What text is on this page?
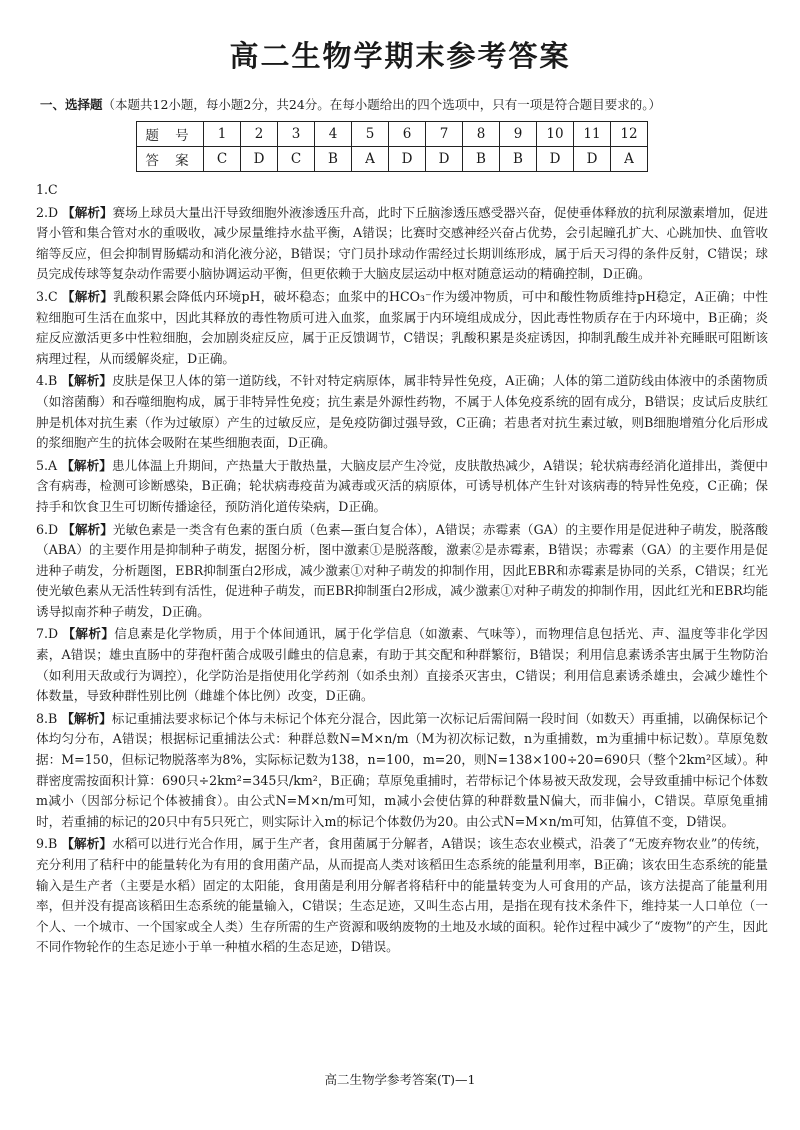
高二生物学期末参考答案
一、选择题（本题共12小题，每小题2分，共24分。在每小题给出的四个选项中，只有一项是符合题目要求的。）
题 号	1	2	3	4	5	6	7	8	9	10	11	12
答 案	C	D	C	B	A	D	D	B	B	D	D	A

1.C

2.D 【解析】赛场上球员大量出汗导致细胞外液渗透压升高，此时下丘脑渗透压感受器兴奋，促使垂体释放的抗利尿激素增加，促进肾小管和集合管对水的重吸收，减少尿量维持水盐平衡，A错误；比赛时交感神经兴奋占优势，会引起瞳孔扩大、心跳加快、血管收缩等反应，但会抑制胃肠蠕动和消化液分泌，B错误；守门员扑球动作需经过长期训练形成，属于后天习得的条件反射，C错误；球员完成传球等复杂动作需要小脑协调运动平衡，但更依赖于大脑皮层运动中枢对随意运动的精确控制，D正确。

3.C 【解析】乳酸积累会降低内环境pH，破坏稳态；血浆中的HCO₃⁻作为缓冲物质，可中和酸性物质维持pH稳定，A正确；中性粒细胞可生活在血浆中，因此其释放的毒性物质可进入血浆，血浆属于内环境组成成分，因此毒性物质存在于内环境中，B正确；炎症反应激活更多中性粒细胞，会加剧炎症反应，属于正反馈调节，C错误；乳酸积累是炎症诱因，抑制乳酸生成并补充睡眠可阻断该病理过程，从而缓解炎症，D正确。

4.B 【解析】皮肤是保卫人体的第一道防线，不针对特定病原体，属非特异性免疫，A正确；人体的第二道防线由体液中的杀菌物质（如溶菌酶）和吞噬细胞构成，属于非特异性免疫；抗生素是外源性药物，不属于人体免疫系统的固有成分，B错误；皮试后皮肤红肿是机体对抗生素（作为过敏原）产生的过敏反应，是免疫防御过强导致，C正确；若患者对抗生素过敏，则B细胞增殖分化后形成的浆细胞产生的抗体会吸附在某些细胞表面，D正确。

5.A 【解析】患儿体温上升期间，产热量大于散热量，大脑皮层产生冷觉，皮肤散热减少，A错误；轮状病毒经消化道排出，粪便中含有病毒，检测可诊断感染，B正确；轮状病毒疫苗为减毒或灭活的病原体，可诱导机体产生针对该病毒的特异性免疫，C正确；保持手和饮食卫生可切断传播途径，预防消化道传染病，D正确。

6.D 【解析】光敏色素是一类含有色素的蛋白质（色素—蛋白复合体），A错误；赤霉素（GA）的主要作用是促进种子萌发，脱落酸（ABA）的主要作用是抑制种子萌发，据图分析，图中激素①是脱落酸，激素②是赤霉素，B错误；赤霉素（GA）的主要作用是促进种子萌发，分析题图，EBR抑制蛋白2形成，减少激素①对种子萌发的抑制作用，因此EBR和赤霉素是协同的关系，C错误；红光使光敏色素从无活性转到有活性，促进种子萌发，而EBR抑制蛋白2形成，减少激素①对种子萌发的抑制作用，因此红光和EBR均能诱导拟南芥种子萌发，D正确。

7.D 【解析】信息素是化学物质，用于个体间通讯，属于化学信息（如激素、气味等），而物理信息包括光、声、温度等非化学因素，A错误；雄虫直肠中的芽孢杆菌合成吸引雌虫的信息素，有助于其交配和种群繁衍，B错误；利用信息素诱杀害虫属于生物防治（如利用天敌或行为调控），化学防治是指使用化学药剂（如杀虫剂）直接杀灭害虫，C错误；利用信息素诱杀雄虫，会减少雄性个体数量，导致种群性别比例（雌雄个体比例）改变，D正确。

8.B 【解析】标记重捕法要求标记个体与未标记个体充分混合，因此第一次标记后需间隔一段时间（如数天）再重捕，以确保标记个体均匀分布，A错误；根据标记重捕法公式：种群总数N=M×n/m（M为初次标记数，n为重捕数，m为重捕中标记数）。草原兔数据：M=150，但标记物脱落率为8%，实际标记数为138，n=100，m=20，则N=138×100÷20=690只（整个2km²区域）。种群密度需按面积计算：690只÷2km²=345只/km²，B正确；草原兔重捕时，若带标记个体易被天敌发现，会导致重捕中标记个体数m减小（因部分标记个体被捕食）。由公式N=M×n/m可知，m减小会使估算的种群数量N偏大，而非偏小，C错误。草原兔重捕时，若重捕的标记的20只中有5只死亡，则实际计入m的标记个体数仍为20。由公式N=M×n/m可知，估算值不变，D错误。

9.B 【解析】水稻可以进行光合作用，属于生产者，食用菌属于分解者，A错误；该生态农业模式，沿袭了“无废弃物农业”的传统，充分利用了秸秆中的能量转化为有用的食用菌产品，从而提高人类对该稻田生态系统的能量利用率，B正确；该农田生态系统的能量输入是生产者（主要是水稻）固定的太阳能，食用菌是利用分解者将秸秆中的能量转变为人可食用的产品，该方法提高了能量利用率，但并没有提高该稻田生态系统的能量输入，C错误；生态足迹，又叫生态占用，是指在现有技术条件下，维持某一人口单位（一个人、一个城市、一个国家或全人类）生存所需的生产资源和吸纳废物的土地及水域的面积。轮作过程中减少了“废物”的产生，因此不同作物轮作的生态足迹小于单一种植水稻的生态足迹，D错误。

高二生物学参考答案(T)—1
